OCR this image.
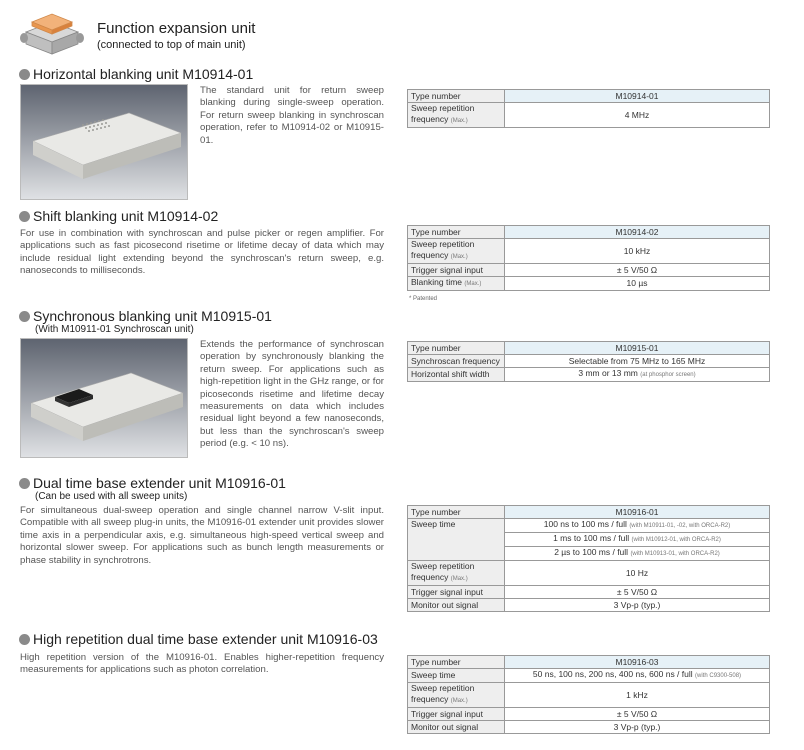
Function expansion unit
(connected to top of main unit)
Horizontal blanking unit M10914-01
The standard unit for return sweep blanking during single-sweep operation. For return sweep blanking in synchroscan operation, refer to M10914-02 or M10915-01.
Type number	M10914-01
Sweep repetition frequency (Max.)	4 MHz
Shift blanking unit M10914-02
For use in combination with synchroscan and pulse picker or regen amplifier. For applications such as fast picosecond risetime or lifetime decay of data which may include residual light extending beyond the synchroscan's return sweep, e.g. nanoseconds to milliseconds.
Type number	M10914-02
Sweep repetition frequency (Max.)	10 kHz
Trigger signal input	± 5 V/50 Ω
Blanking time (Max.)	10 µs
* Patented
Synchronous blanking unit M10915-01
(With M10911-01 Synchroscan unit)
Extends the performance of synchroscan operation by synchronously blanking the return sweep. For applications such as high-repetition light in the GHz range, or for picoseconds risetime and lifetime decay measurements on data which includes residual light beyond a few nanoseconds, but less than the synchroscan's sweep period (e.g. < 10 ns).
Type number	M10915-01
Synchroscan frequency	Selectable from 75 MHz to 165 MHz
Horizontal shift width	3 mm or 13 mm (at phosphor screen)
Dual time base extender unit M10916-01
(Can be used with all sweep units)
For simultaneous dual-sweep operation and single channel narrow V-slit input. Compatible with all sweep plug-in units, the M10916-01 extender unit provides slower time axis in a perpendicular axis, e.g. simultaneous high-speed vertical sweep and horizontal slower sweep. For applications such as bunch length measurements or phase stability in synchrotrons.
Type number	M10916-01
Sweep time	100 ns to 100 ms / full (with M10911-01, -02, with ORCA-R2)
	1 ms to 100 ms / full (with M10912-01, with ORCA-R2)
	2 µs to 100 ms / full (with M10913-01, with ORCA-R2)
Sweep repetition frequency (Max.)	10 Hz
Trigger signal input	± 5 V/50 Ω
Monitor out signal	3 Vp-p (typ.)
High repetition dual time base extender unit M10916-03
High repetition version of the M10916-01. Enables higher-repetition frequency measurements for applications such as photon correlation.
Type number	M10916-03
Sweep time	50 ns, 100 ns, 200 ns, 400 ns, 600 ns / full (with C9300-508)
Sweep repetition frequency (Max.)	1 kHz
Trigger signal input	± 5 V/50 Ω
Monitor out signal	3 Vp-p (typ.)
